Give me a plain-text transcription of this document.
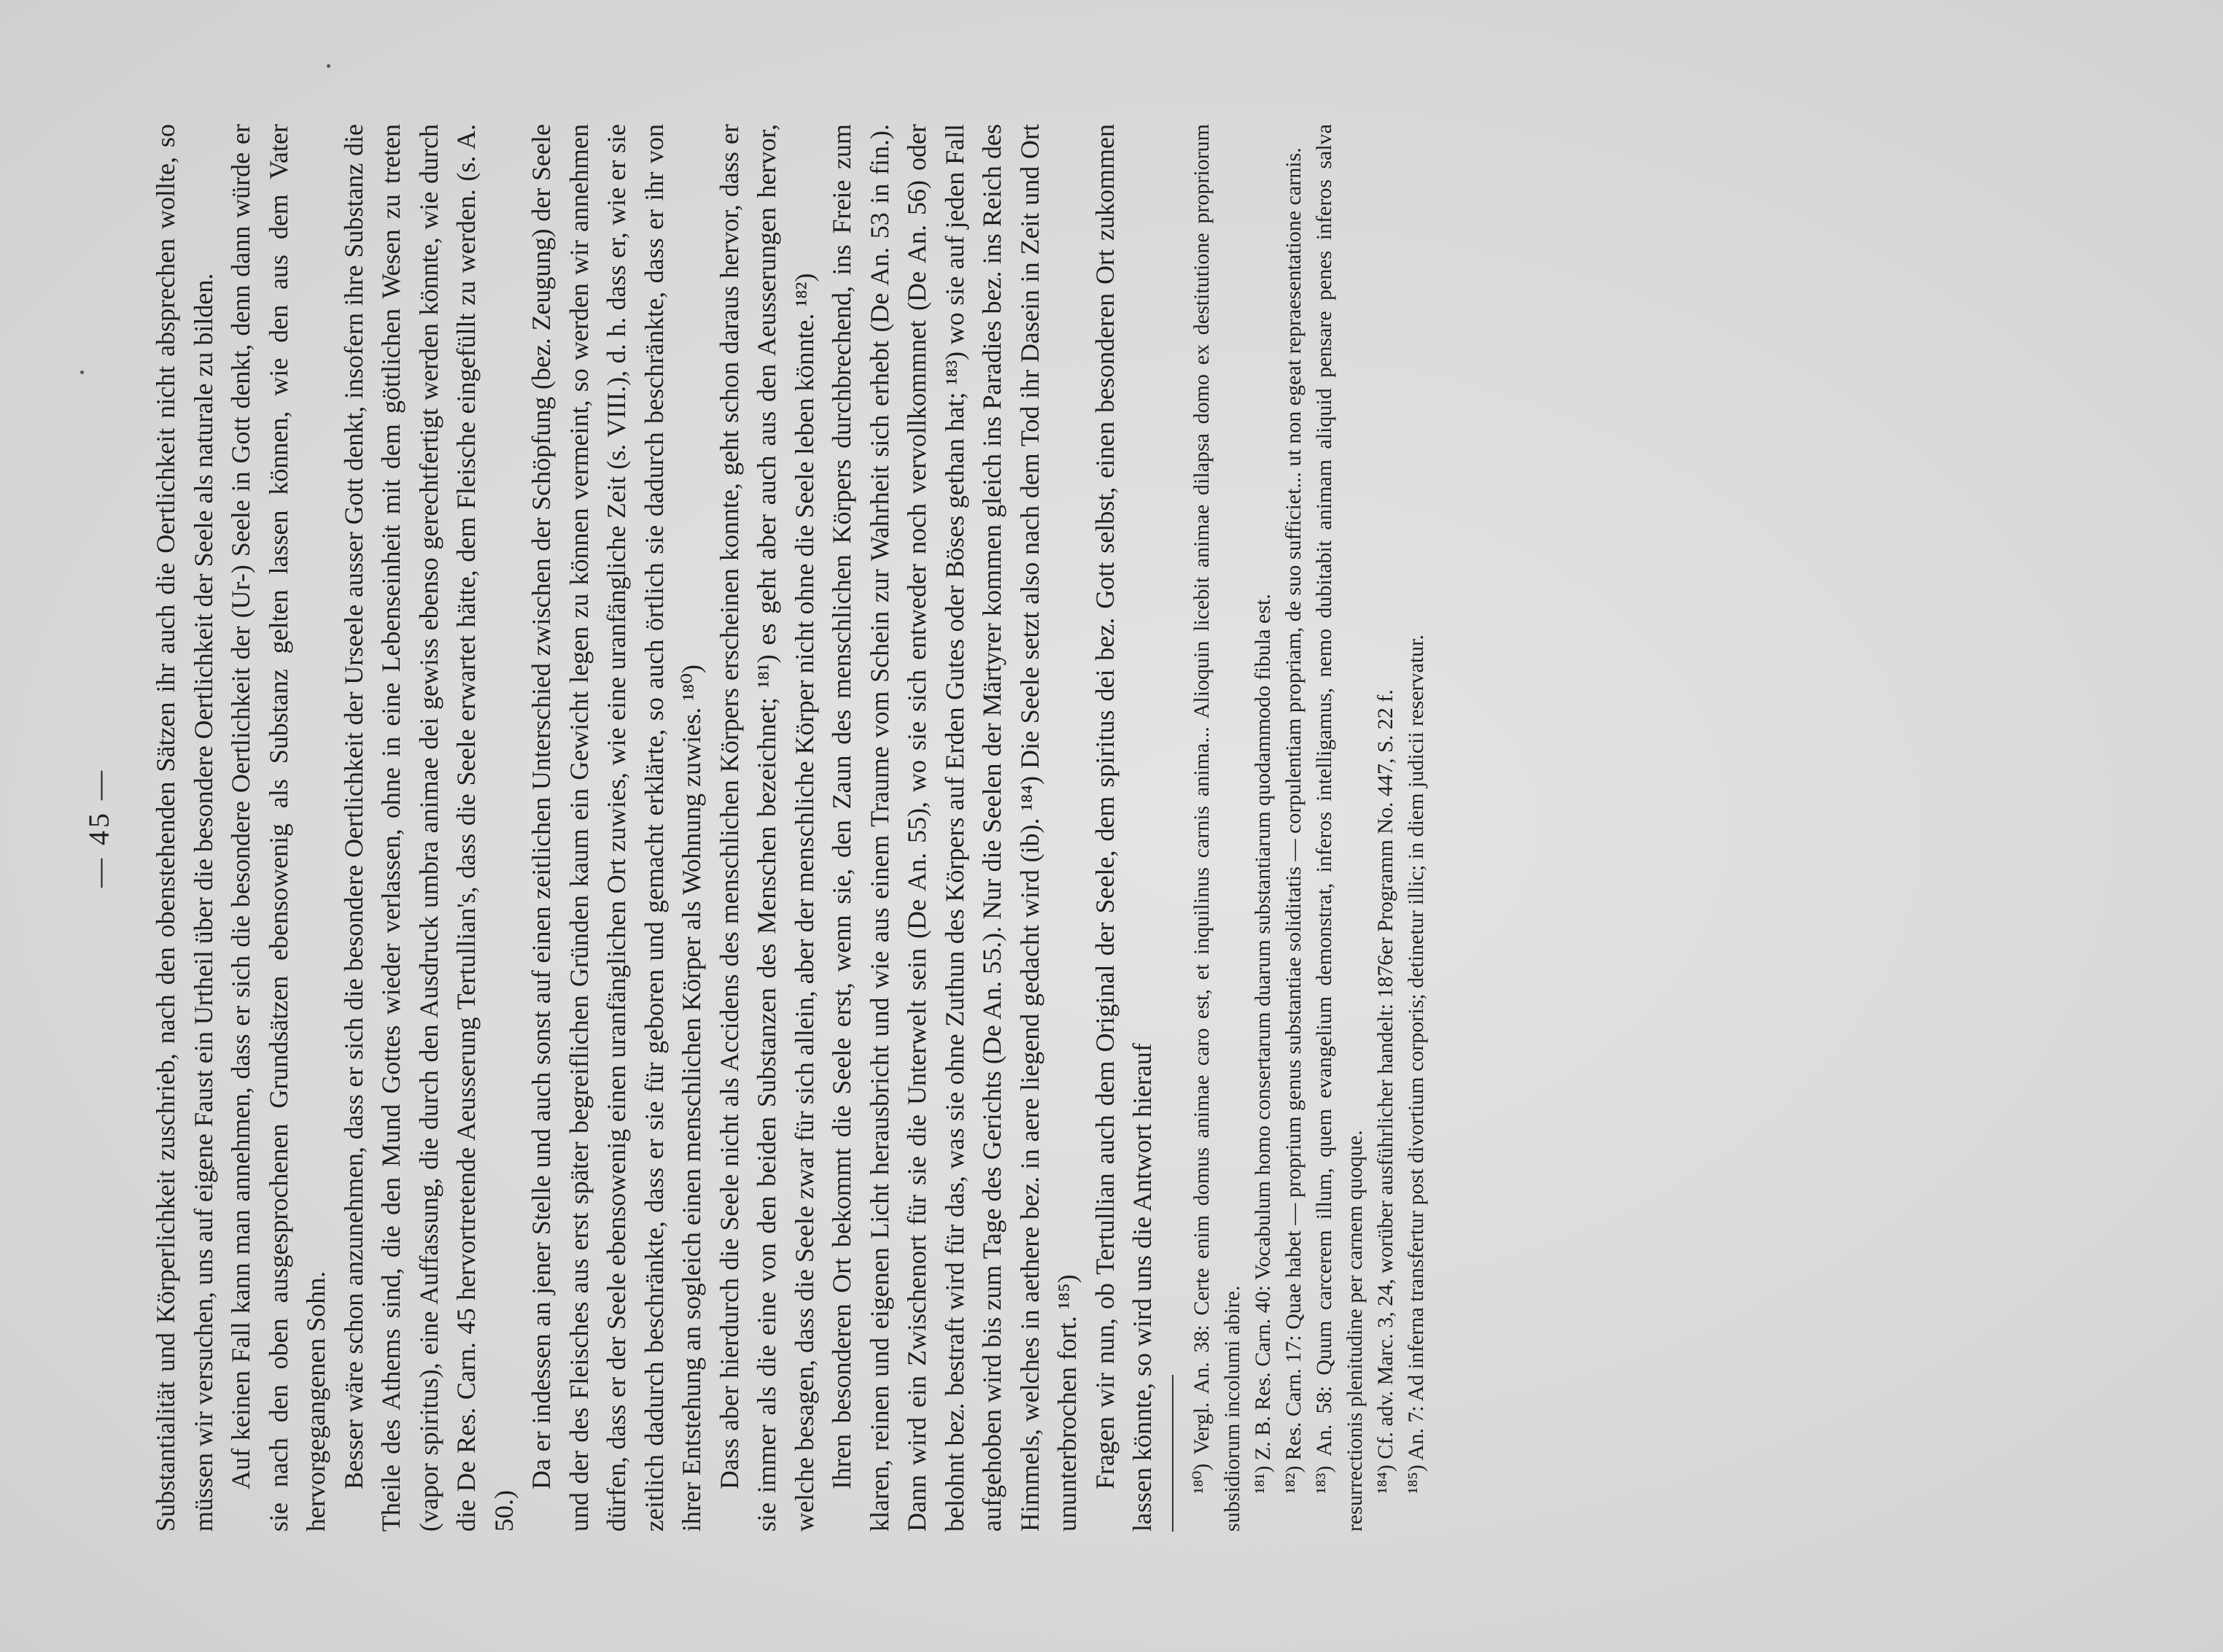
— 45 — Substantialität und Körperlichkeit zuschrieb, nach den obenstehenden Sätzen ihr auch die Oertlichkeit nicht absprechen wollte, so müssen wir versuchen, uns auf eigene Faust ein Urtheil über die besondere Oertlichkeit der Seele als naturale zu bilden. Auf keinen Fall kann man annehmen, dass er sich die besondere Oertlichkeit der (Ur-) Seele in Gott denkt, denn dann würde er sie nach den oben ausgesprochenen Grundsätzen ebensowenig als Substanz gelten lassen können, wie den aus dem Vater hervorgegangenen Sohn. Besser wäre schon anzunehmen, dass er sich die besondere Oertlichkeit der Urseele ausser Gott denkt, insofern ihre Substanz die Theile des Athems sind, die den Mund Gottes wieder verlassen, ohne in eine Lebenseinheit mit dem göttlichen Wesen zu treten (vapor spiritus), eine Auffassung, die durch den Ausdruck umbra animae dei gewiss ebenso gerechtfertigt werden könnte, wie durch die De Res. Carn. 45 hervortretende Aeusserung Tertullian's, dass die Seele erwartet hätte, dem Fleische eingefüllt zu werden. (s. A. 50.)

Da er indessen an jener Stelle und auch sonst auf einen zeitlichen Unterschied zwischen der Schöpfung (bez. Zeugung) der Seele und der des Fleisches aus erst später begreiflichen Gründen kaum ein Gewicht legen zu können vermeint, so werden wir annehmen dürfen, dass er der Seele ebensowenig einen uranfänglichen Ort zuwies, wie eine uranfängliche Zeit (s. VIII.), d. h. dass er, wie er sie zeitlich dadurch beschränkte, dass er sie für geboren und gemacht erklärte, so auch örtlich sie dadurch beschränkte, dass er ihr von ihrer Entstehung an sogleich einen menschlichen Körper als Wohnung zuwies. ¹⁸⁰) Dass aber hierdurch die Seele nicht als Accidens des menschlichen Körpers erscheinen konnte, geht schon daraus hervor, dass er sie immer als die eine von den beiden Substanzen des Menschen bezeichnet; ¹⁸¹) es geht aber auch aus den Aeusserungen hervor, welche besagen, dass die Seele zwar für sich allein, aber der menschliche Körper nicht ohne die Seele leben könnte. ¹⁸²) Ihren besonderen Ort bekommt die Seele erst, wenn sie, den Zaun des menschlichen Körpers durchbrechend, ins Freie zum klaren, reinen und eigenen Licht herausbricht und wie aus einem Traume vom Schein zur Wahrheit sich erhebt (De An. 53 in fin.). Dann wird ein Zwischenort für sie die Unterwelt sein (De An. 55), wo sie sich entweder noch vervollkommnet (De An. 56) oder belohnt bez. bestraft wird für das, was sie ohne Zuthun des Körpers auf Erden Gutes oder Böses gethan hat; ¹⁸³) wo sie auf jeden Fall aufgehoben wird bis zum Tage des Gerichts (De An. 55.). Nur die Seelen der Märtyrer kommen gleich ins Paradies bez. ins Reich des Himmels, welches in aethere bez. in aere liegend gedacht wird (ib). ¹⁸⁴) Die Seele setzt also nach dem Tod ihr Dasein in Zeit und Ort ununterbrochen fort. ¹⁸⁵) Fragen wir nun, ob Tertullian auch dem Original der Seele, dem spiritus dei bez. Gott selbst, einen besonderen Ort zukommen lassen könnte, so wird uns die Antwort hierauf ¹⁸⁰) Vergl. An. 38: Certe enim domus animae caro est, et inquilinus carnis anima... Alioquin licebit animae dilapsa domo ex destitutione propriorum subsidiorum incolumi abire. ¹⁸¹) Z. B. Res. Carn. 40: Vocabulum homo consertarum duarum substantiarum quodammodo fibula est. ¹⁸²) Res. Carn. 17: Quae habet — proprium genus substantiae soliditatis — corpulentiam propriam, de suo sufficiet... ut non egeat repraesentatione carnis. ¹⁸³) An. 58: Quum carcerem illum, quem evangelium demonstrat, inferos intelligamus, nemo dubitabit animam aliquid pensare penes inferos salva resurrectionis plenitudine per carnem quoque. ¹⁸⁴) Cf. adv. Marc. 3, 24, worüber ausführlicher handelt: 1876er Programm No. 447, S. 22 f. ¹⁸⁵) An. 7: Ad inferna transfertur post divortium corporis; detinetur illic; in diem judicii reservatur.
